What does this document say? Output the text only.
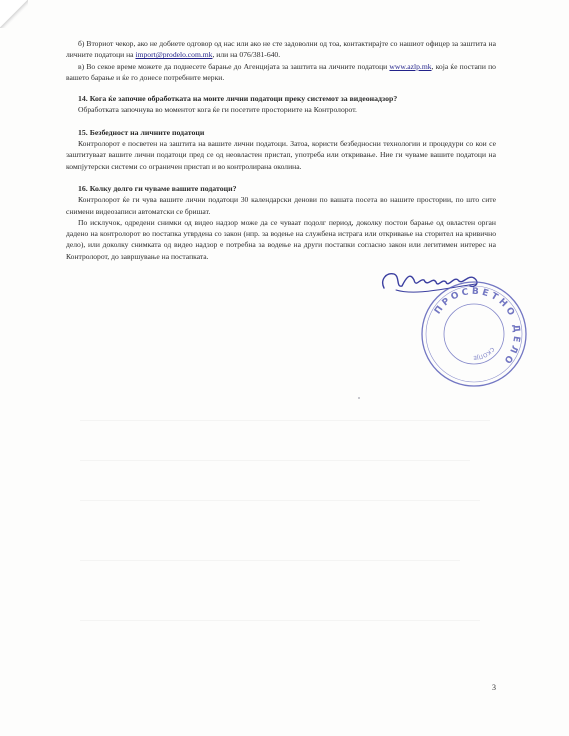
б) Вториот чекор, ако не добиете одговор од нас или ако не сте задоволни од тоа, контактирајте со нашиот офицер за заштита на личните податоци на import@prodelo.com.mk, или на 076/381-640.

в) Во секое време можете да поднесете барање до Агенцијата за заштита на личните податоци www.azlp.mk, која ќе постапи по вашето барање и ќе го донесе потребните мерки.

14. Кога ќе започне обработката на моите лични податоци преку системот за видеонадзор?

Обработката започнува во моментот кога ќе ги посетите просториите на Контролорот.

15. Безбедност на личните податоци

Контролорот е посветен на заштита на вашите лични податоци. Затоа, користи безбедносни технологии и процедури со кои се заштитуваат вашите лични податоци пред се од неовластен пристап, употреба или откривање. Ние ги чуваме вашите податоци на компјутерски системи со ограничен пристап и во контролирана околина.

16. Колку долго ги чуваме вашите податоци?

Контролорот ќе ги чува вашите лични податоци 30 календарски денови по вашата посета во нашите простории, по што сите снимени видеозаписи автоматски се бришат.

По исклучок, одредени снимки од видео надзор може да се чуваат подолг период, доколку постои барање од овластен орган дадено на контролорот во постапка утврдена со закон (нпр. за водење на службена истрага или откривање на сторител на кривично дело), или доколку снимката од видео надзор е потребна за водење на други постапки согласно закон или легитимен интерес на Контролорот, до завршување на постапката.

ПРОСВЕТНО ДЕЛО
СКОПЈЕ
3
